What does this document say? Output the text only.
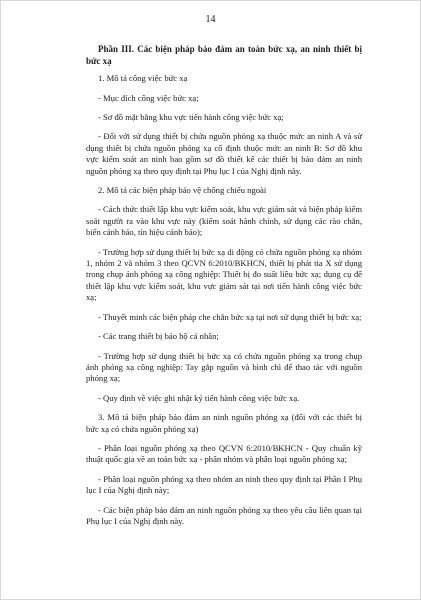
14

Phần III. Các biện pháp bảo đảm an toàn bức xạ, an ninh thiết bị bức xạ

1. Mô tả công việc bức xạ

- Mục đích công việc bức xạ;

- Sơ đồ mặt bằng khu vực tiến hành công việc bức xạ;

- Đối với sử dụng thiết bị chứa nguồn phóng xạ thuộc mức an ninh A và sử dụng thiết bị chứa nguồn phóng xạ cố định thuộc mức an ninh B: Sơ đồ khu vực kiểm soát an ninh bao gồm sơ đồ thiết kế các thiết bị bảo đảm an ninh nguồn phóng xạ theo quy định tại Phụ lục I của Nghị định này.

2. Mô tả các biện pháp bảo vệ chống chiếu ngoài

- Cách thức thiết lập khu vực kiểm soát, khu vực giám sát và biện pháp kiểm soát người ra vào khu vực này (kiểm soát hành chính, sử dụng các rào chắn, biển cảnh báo, tín hiệu cảnh báo);

- Trường hợp sử dụng thiết bị bức xạ di động có chứa nguồn phóng xạ nhóm 1, nhóm 2 và nhóm 3 theo QCVN 6:2010/BKHCN, thiết bị phát tia X sử dụng trong chụp ảnh phóng xạ công nghiệp: Thiết bị đo suất liều bức xạ; dụng cụ để thiết lập khu vực kiểm soát, khu vực giám sát tại nơi tiến hành công việc bức xạ;

- Thuyết minh các biện pháp che chắn bức xạ tại nơi sử dụng thiết bị bức xạ;

- Các trang thiết bị bảo hộ cá nhân;

- Trường hợp sử dụng thiết bị bức xạ có chứa nguồn phóng xạ trong chụp ảnh phóng xạ công nghiệp: Tay gắp nguồn và bình chì để thao tác với nguồn phóng xạ;

- Quy định về việc ghi nhật ký tiến hành công việc bức xạ.

3. Mô tả biện pháp bảo đảm an ninh nguồn phóng xạ (đối với các thiết bị bức xạ có chứa nguồn phóng xạ)

- Phân loại nguồn phóng xạ theo QCVN 6:2010/BKHCN - Quy chuẩn kỹ thuật quốc gia về an toàn bức xạ - phân nhóm và phân loại nguồn phóng xạ;

- Phân loại nguồn phóng xạ theo nhóm an ninh theo quy định tại Phần I Phụ lục I của Nghị định này;

- Các biện pháp bảo đảm an ninh nguồn phóng xạ theo yêu cầu liên quan tại Phụ lục I của Nghị định này.
